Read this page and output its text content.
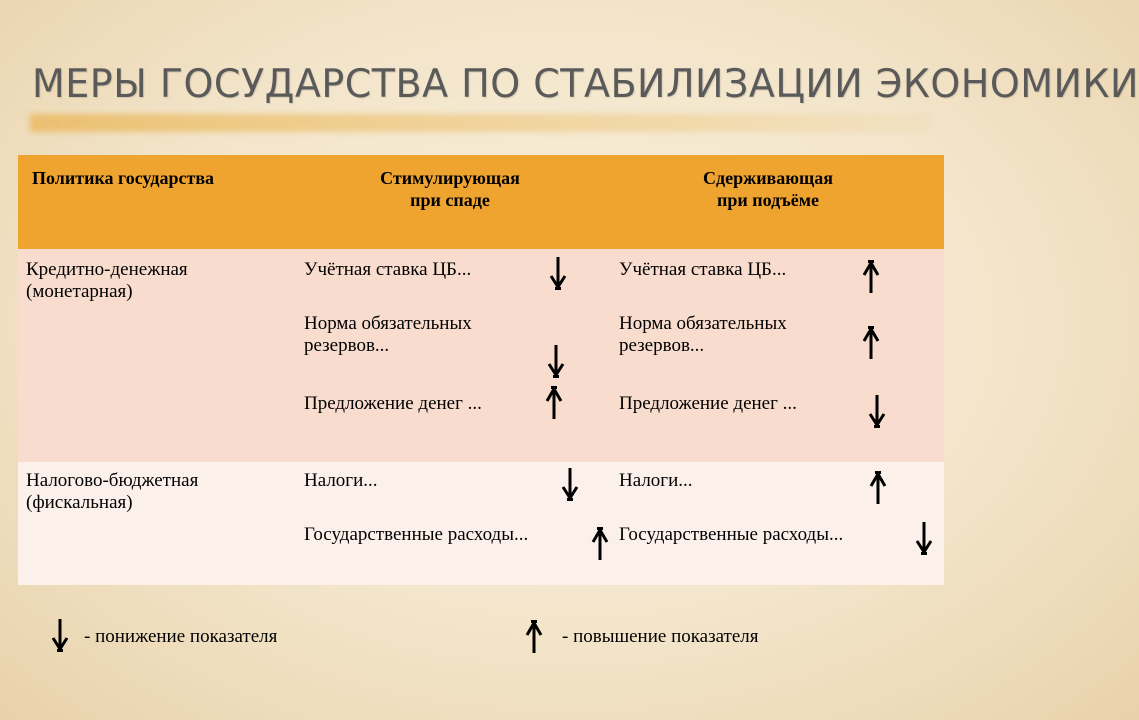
МЕРЫ ГОСУДАРСТВА ПО СТАБИЛИЗАЦИИ ЭКОНОМИКИ
Политика государства	Стимулирующая
при спаде
Сдерживающая
при подъёме
Кредитно-денежная
(монетарная)
Учётная ставка ЦБ...
Норма обязательных
резервов...
Предложение денег ...
Учётная ставка ЦБ...
Норма обязательных
резервов...
Предложение денег ...
Налогово-бюджетная
(фискальная)
Налоги...
Государственные расходы...
Налоги...
Государственные расходы...
- понижение показателя	- повышение показателя
